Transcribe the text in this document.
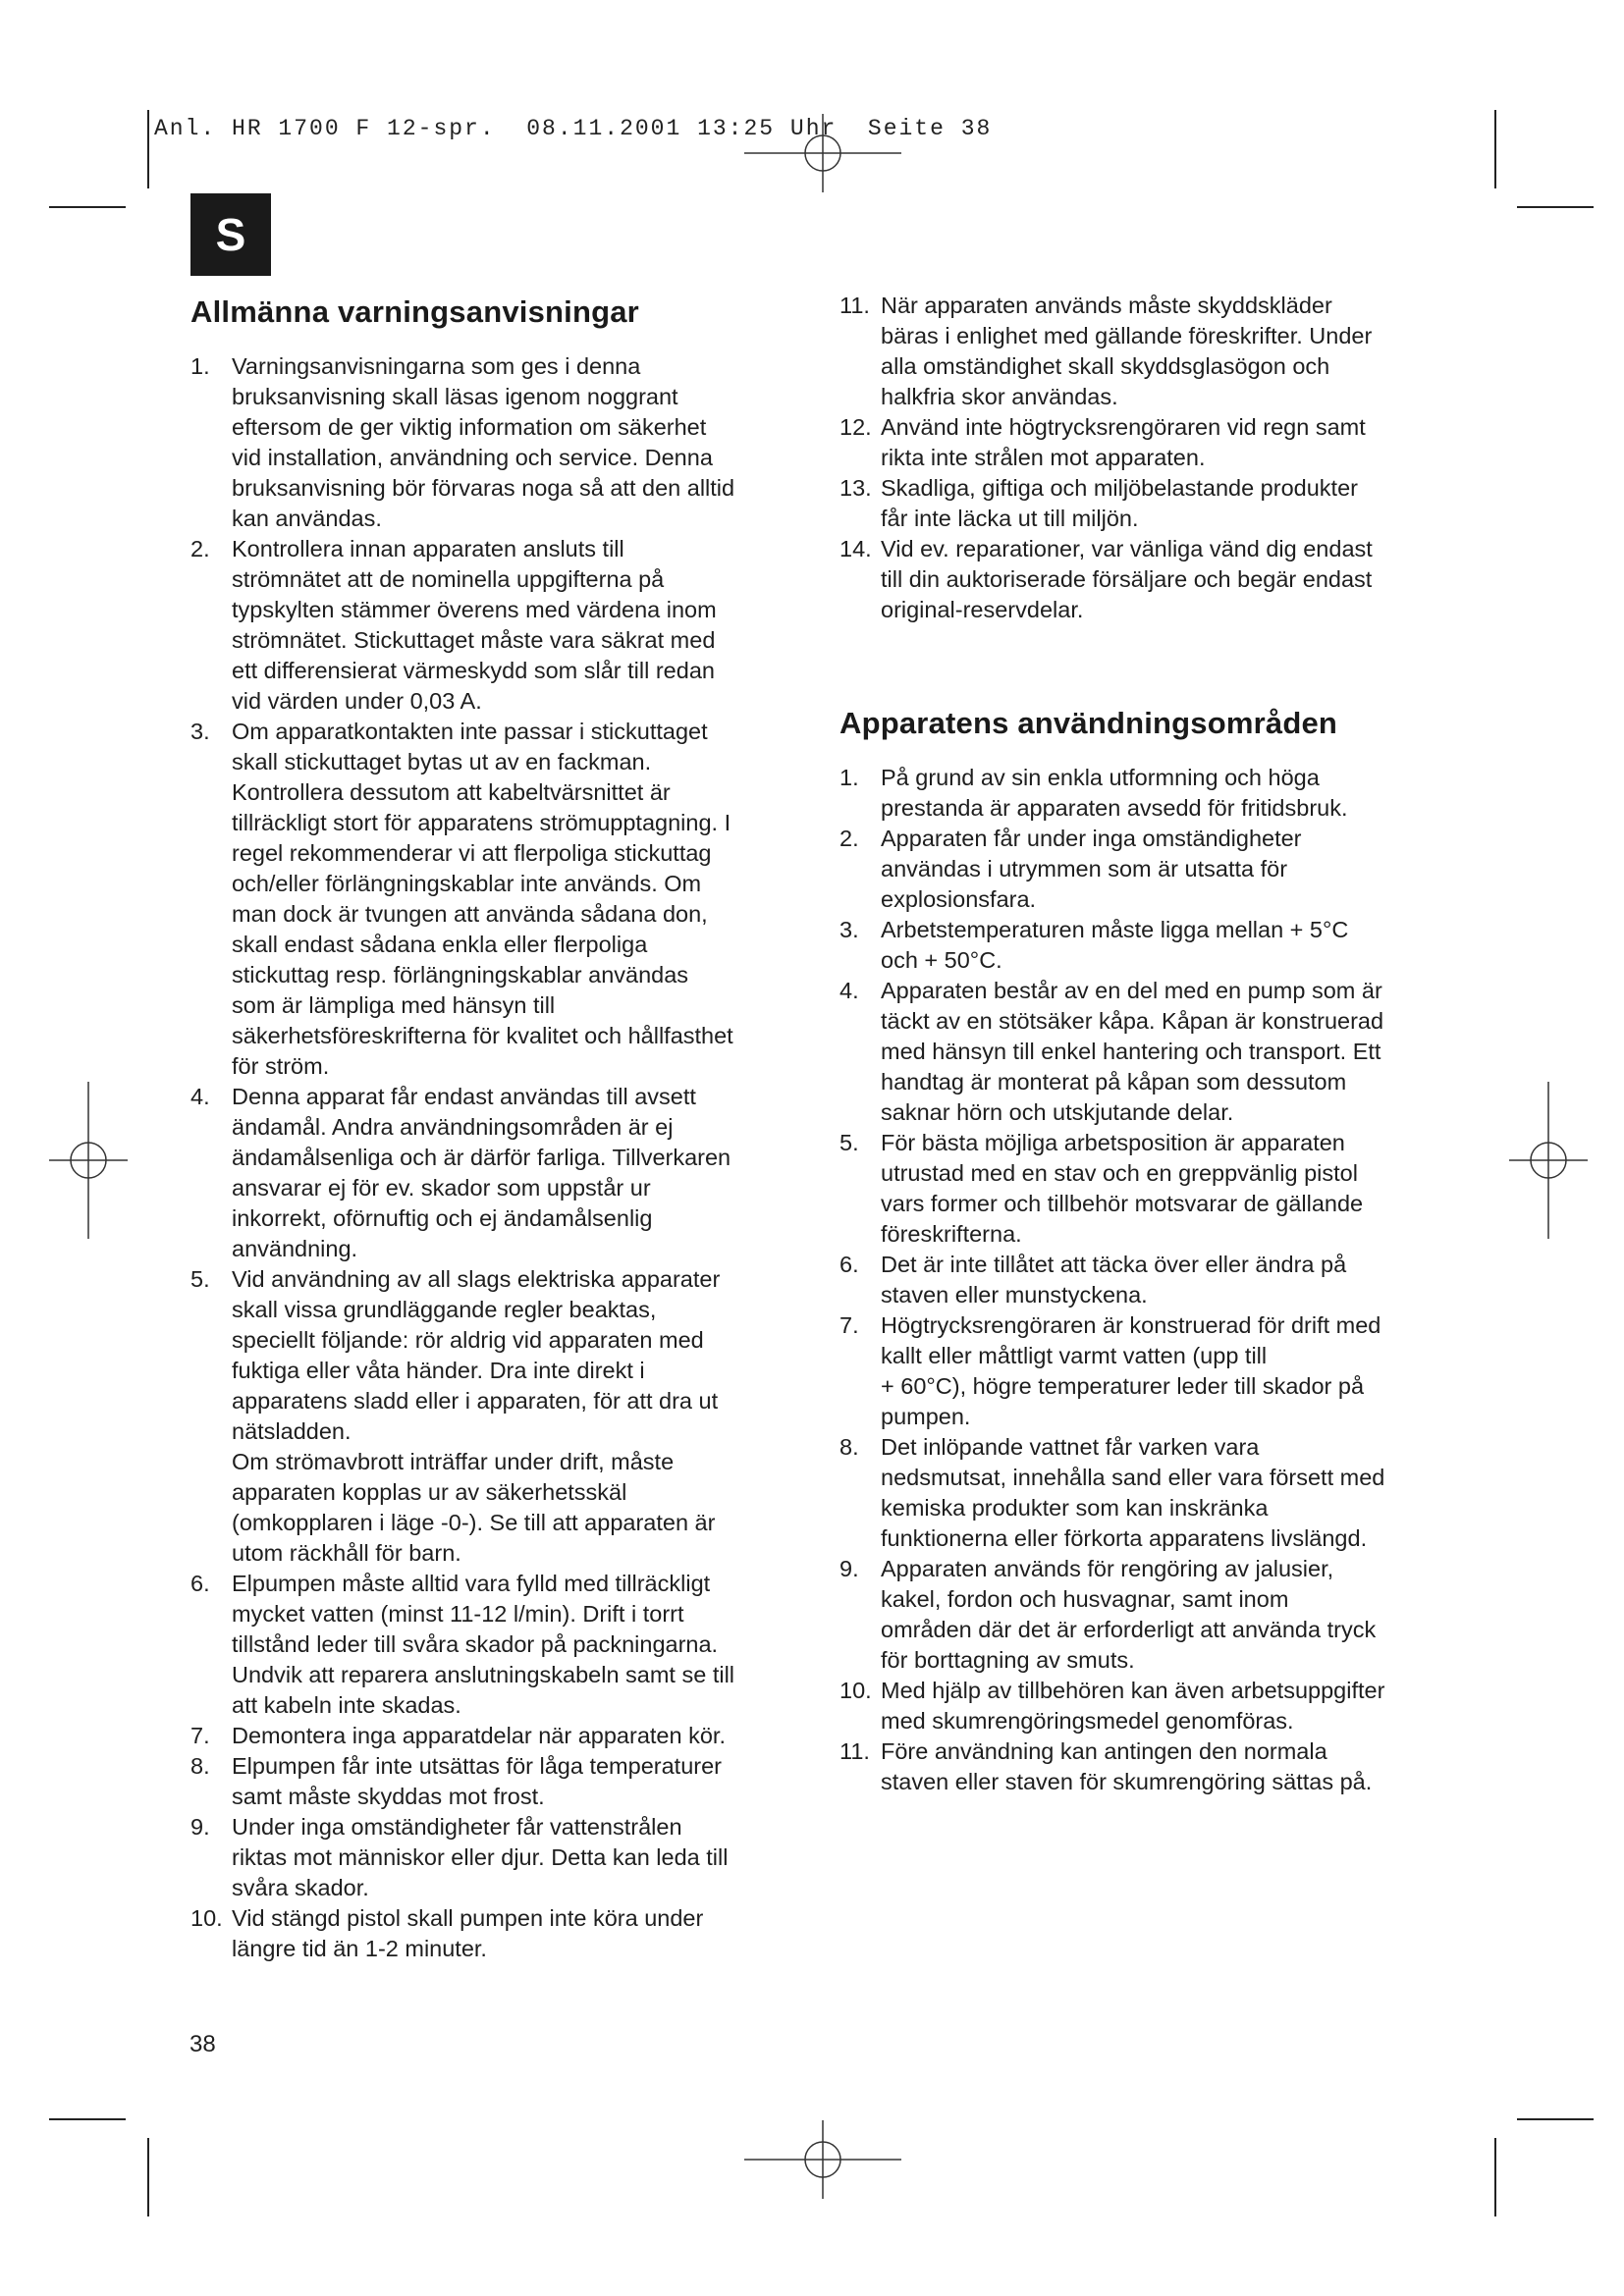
Anl. HR 1700 F 12-spr.  08.11.2001 13:25 Uhr  Seite 38
S
Allmänna varningsanvisningar
1. Varningsanvisningarna som ges i denna
bruksanvisning skall läsas igenom noggrant
eftersom de ger viktig information om säkerhet
vid installation, användning och service. Denna
bruksanvisning bör förvaras noga så att den alltid
kan användas.
2. Kontrollera innan apparaten ansluts till
strömnätet att de nominella uppgifterna på
typskylten stämmer överens med värdena inom
strömnätet. Stickuttaget måste vara säkrat med
ett differensierat värmeskydd som slår till redan
vid värden under 0,03 A.
3. Om apparatkontakten inte passar i stickuttaget
skall stickuttaget bytas ut av en fackman.
Kontrollera dessutom att kabeltvärsnittet är
tillräckligt stort för apparatens strömupptagning. I
regel rekommenderar vi att flerpoliga stickuttag
och/eller förlängningskablar inte används. Om
man dock är tvungen att använda sådana don,
skall endast sådana enkla eller flerpoliga
stickuttag resp. förlängningskablar användas
som är lämpliga med hänsyn till
säkerhetsföreskrifterna för kvalitet och hållfasthet
för ström.
4. Denna apparat får endast användas till avsett
ändamål. Andra användningsområden är ej
ändamålsenliga och är därför farliga. Tillverkaren
ansvarar ej för ev. skador som uppstår ur
inkorrekt, oförnuftig och ej ändamålsenlig
användning.
5. Vid användning av all slags elektriska apparater
skall vissa grundläggande regler beaktas,
speciellt följande: rör aldrig vid apparaten med
fuktiga eller våta händer. Dra inte direkt i
apparatens sladd eller i apparaten, för att dra ut
nätsladden.
Om strömavbrott inträffar under drift, måste
apparaten kopplas ur av säkerhetsskäl
(omkopplaren i läge -0-). Se till att apparaten är
utom räckhåll för barn.
6. Elpumpen måste alltid vara fylld med tillräckligt
mycket vatten (minst 11-12 l/min). Drift i torrt
tillstånd leder till svåra skador på packningarna.
Undvik att reparera anslutningskabeln samt se till
att kabeln inte skadas.
7. Demontera inga apparatdelar när apparaten kör.
8. Elpumpen får inte utsättas för låga temperaturer
samt måste skyddas mot frost.
9. Under inga omständigheter får vattenstrålen
riktas mot människor eller djur. Detta kan leda till
svåra skador.
10. Vid stängd pistol skall pumpen inte köra under
längre tid än 1-2 minuter.
11. När apparaten används måste skyddskläder
bäras i enlighet med gällande föreskrifter. Under
alla omständighet skall skyddsglasögon och
halkfria skor användas.
12. Använd inte högtrycksrengöraren vid regn samt
rikta inte strålen mot apparaten.
13. Skadliga, giftiga och miljöbelastande produkter
får inte läcka ut till miljön.
14. Vid ev. reparationer, var vänliga vänd dig endast
till din auktoriserade försäljare och begär endast
original-reservdelar.
Apparatens användningsområden
1. På grund av sin enkla utformning och höga
prestanda är apparaten avsedd för fritidsbruk.
2. Apparaten får under inga omständigheter
användas i utrymmen som är utsatta för
explosionsfara.
3. Arbetstemperaturen måste ligga mellan + 5°C
och + 50°C.
4. Apparaten består av en del med en pump som är
täckt av en stötsäker kåpa. Kåpan är konstruerad
med hänsyn till enkel hantering och transport. Ett
handtag är monterat på kåpan som dessutom
saknar hörn och utskjutande delar.
5. För bästa möjliga arbetsposition är apparaten
utrustad med en stav och en greppvänlig pistol
vars former och tillbehör motsvarar de gällande
föreskrifterna.
6. Det är inte tillåtet att täcka över eller ändra på
staven eller munstyckena.
7. Högtrycksrengöraren är konstruerad för drift med
kallt eller måttligt varmt vatten (upp till
+ 60°C), högre temperaturer leder till skador på
pumpen.
8. Det inlöpande vattnet får varken vara
nedsmutsat, innehålla sand eller vara försett med
kemiska produkter som kan inskränka
funktionerna eller förkorta apparatens livslängd.
9. Apparaten används för rengöring av jalusier,
kakel, fordon och husvagnar, samt inom
områden där det är erforderligt att använda tryck
för borttagning av smuts.
10. Med hjälp av tillbehören kan även arbetsuppgifter
med skumrengöringsmedel genomföras.
11. Före användning kan antingen den normala
staven eller staven för skumrengöring sättas på.
38
